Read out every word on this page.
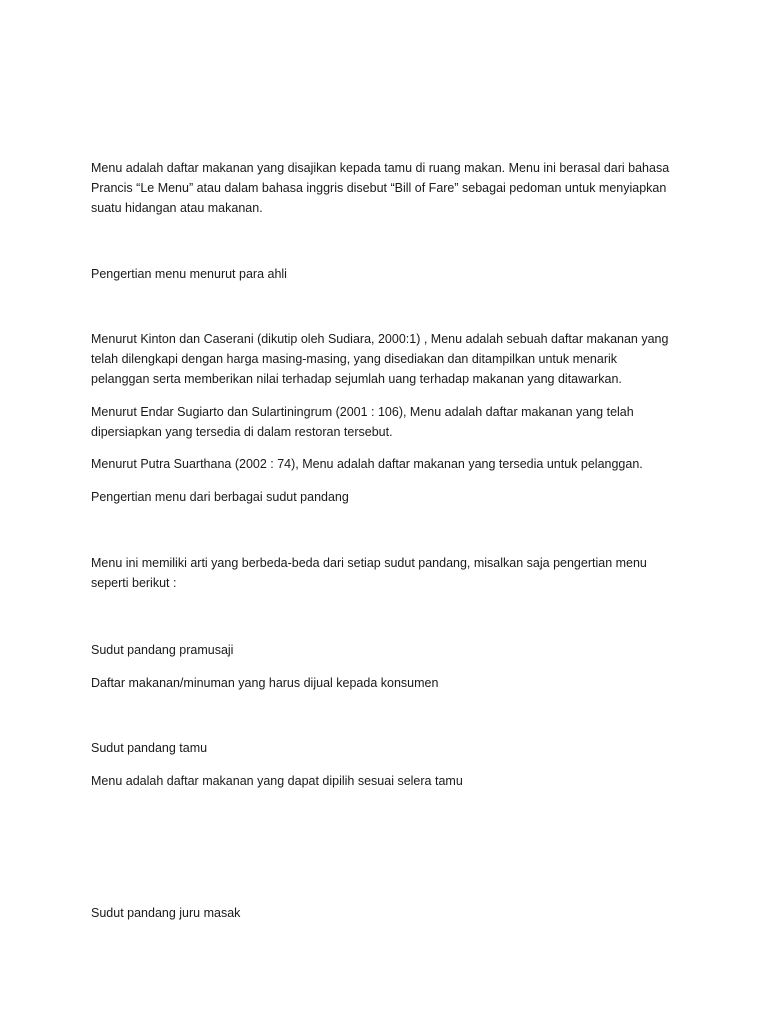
Menu adalah daftar makanan yang disajikan kepada tamu di ruang makan. Menu ini berasal dari bahasa
Prancis “Le Menu” atau dalam bahasa inggris disebut “Bill of Fare” sebagai pedoman untuk menyiapkan
suatu hidangan atau makanan.
Pengertian menu menurut para ahli
Menurut Kinton dan Caserani (dikutip oleh Sudiara, 2000:1) , Menu adalah sebuah daftar makanan yang
telah dilengkapi dengan harga masing-masing, yang disediakan dan ditampilkan untuk menarik
pelanggan serta memberikan nilai terhadap sejumlah uang terhadap makanan yang ditawarkan.
Menurut Endar Sugiarto dan Sulartiningrum (2001 : 106), Menu adalah daftar makanan yang telah
dipersiapkan yang tersedia di dalam restoran tersebut.
Menurut Putra Suarthana (2002 : 74), Menu adalah daftar makanan yang tersedia untuk pelanggan.
Pengertian menu dari berbagai sudut pandang
Menu ini memiliki arti yang berbeda-beda dari setiap sudut pandang, misalkan saja pengertian menu
seperti berikut :
Sudut pandang pramusaji
Daftar makanan/minuman yang harus dijual kepada konsumen
Sudut pandang tamu
Menu adalah daftar makanan yang dapat dipilih sesuai selera tamu
Sudut pandang juru masak
